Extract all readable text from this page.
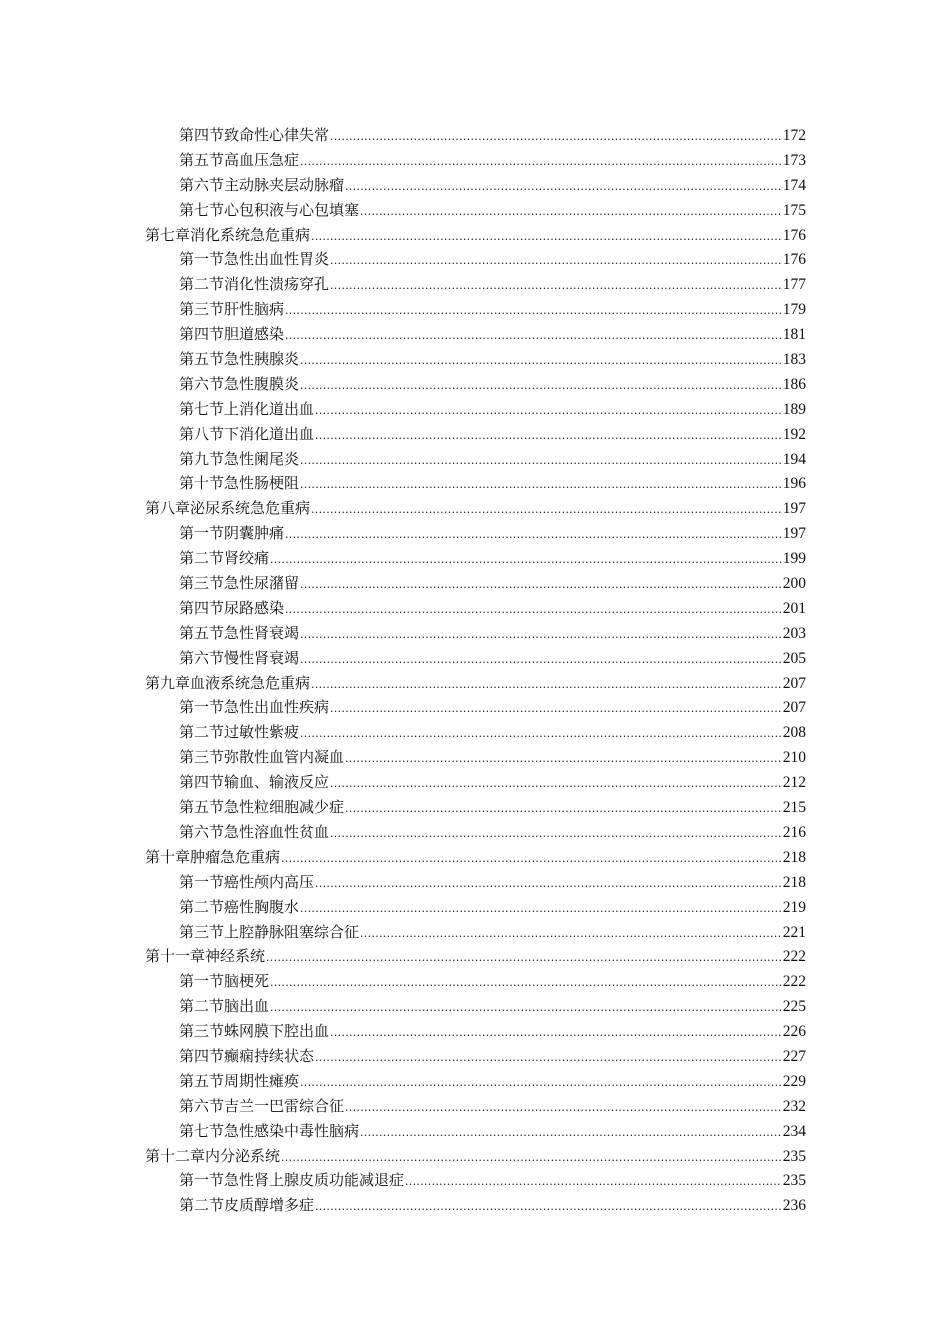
第四节致命性心律失常 .....	172
第五节高血压急症 .....	173
第六节主动脉夹层动脉瘤 .....	174
第七节心包积液与心包填塞 .....	175
第七章消化系统急危重病 .....	176
第一节急性出血性胃炎 .....	176
第二节消化性溃疡穿孔 .....	177
第三节肝性脑病 .....	179
第四节胆道感染 .....	181
第五节急性胰腺炎 .....	183
第六节急性腹膜炎 .....	186
第七节上消化道出血 .....	189
第八节下消化道出血 .....	192
第九节急性阑尾炎 .....	194
第十节急性肠梗阻 .....	196
第八章泌尿系统急危重病 .....	197
第一节阴囊肿痛 .....	197
第二节肾绞痛 .....	199
第三节急性尿潴留 .....	200
第四节尿路感染 .....	201
第五节急性肾衰竭 .....	203
第六节慢性肾衰竭 .....	205
第九章血液系统急危重病 .....	207
第一节急性出血性疾病 .....	207
第二节过敏性紫疲 .....	208
第三节弥散性血管内凝血 .....	210
第四节输血、输液反应 .....	212
第五节急性粒细胞减少症 .....	215
第六节急性溶血性贫血 .....	216
第十章肿瘤急危重病 .....	218
第一节癌性颅内高压 .....	218
第二节癌性胸腹水 .....	219
第三节上腔静脉阻塞综合征 .....	221
第十一章神经系统 .....	222
第一节脑梗死 .....	222
第二节脑出血 .....	225
第三节蛛网膜下腔出血 .....	226
第四节癫痫持续状态 .....	227
第五节周期性瘫痪 .....	229
第六节吉兰一巴雷综合征 .....	232
第七节急性感染中毒性脑病 .....	234
第十二章内分泌系统 .....	235
第一节急性肾上腺皮质功能减退症 .....	235
第二节皮质醇增多症 .....	236
